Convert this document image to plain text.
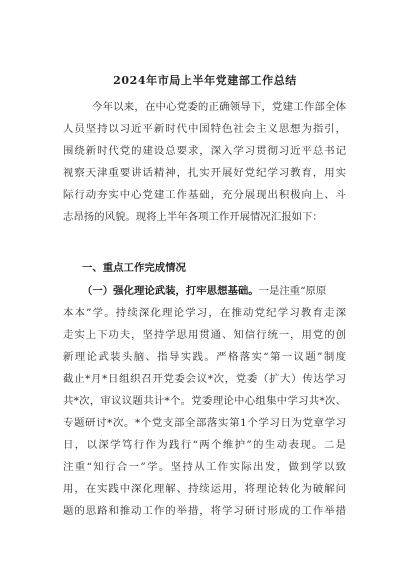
2024年市局上半年党建部工作总结
今年以来，在中心党委的正确领导下，党建工作部全体
人员坚持以习近平新时代中国特色社会主义思想为指引，
围绕新时代党的建设总要求，深入学习贯彻习近平总书记
视察天津重要讲话精神，扎实开展好党纪学习教育，用实
际行动夯实中心党建工作基础，充分展现出积极向上、斗
志昂扬的风貌。现将上半年各项工作开展情况汇报如下：
一、重点工作完成情况
（一）强化理论武装，打牢思想基础。一是注重“原原
本本”学。持续深化理论学习，在推动党纪学习教育走深
走实上下功夫，坚持学思用贯通、知信行统一，用党的创
新理论武装头脑、指导实践。严格落实“第一议题”制度
截止*月*日组织召开党委会议*次，党委（扩大）传达学习
共*次，审议议题共计*个。党委理论中心组集中学习共*次、
专题研讨*次。*个党支部全部落实第1个学习日为党章学习
日，以深学笃行作为践行“两个维护”的生动表现。二是
注重“知行合一”学。坚持从工作实际出发，做到学以致
用，在实践中深化理解、持续运用，将理论转化为破解问
题的思路和推动工作的举措，将学习研讨形成的工作举措
